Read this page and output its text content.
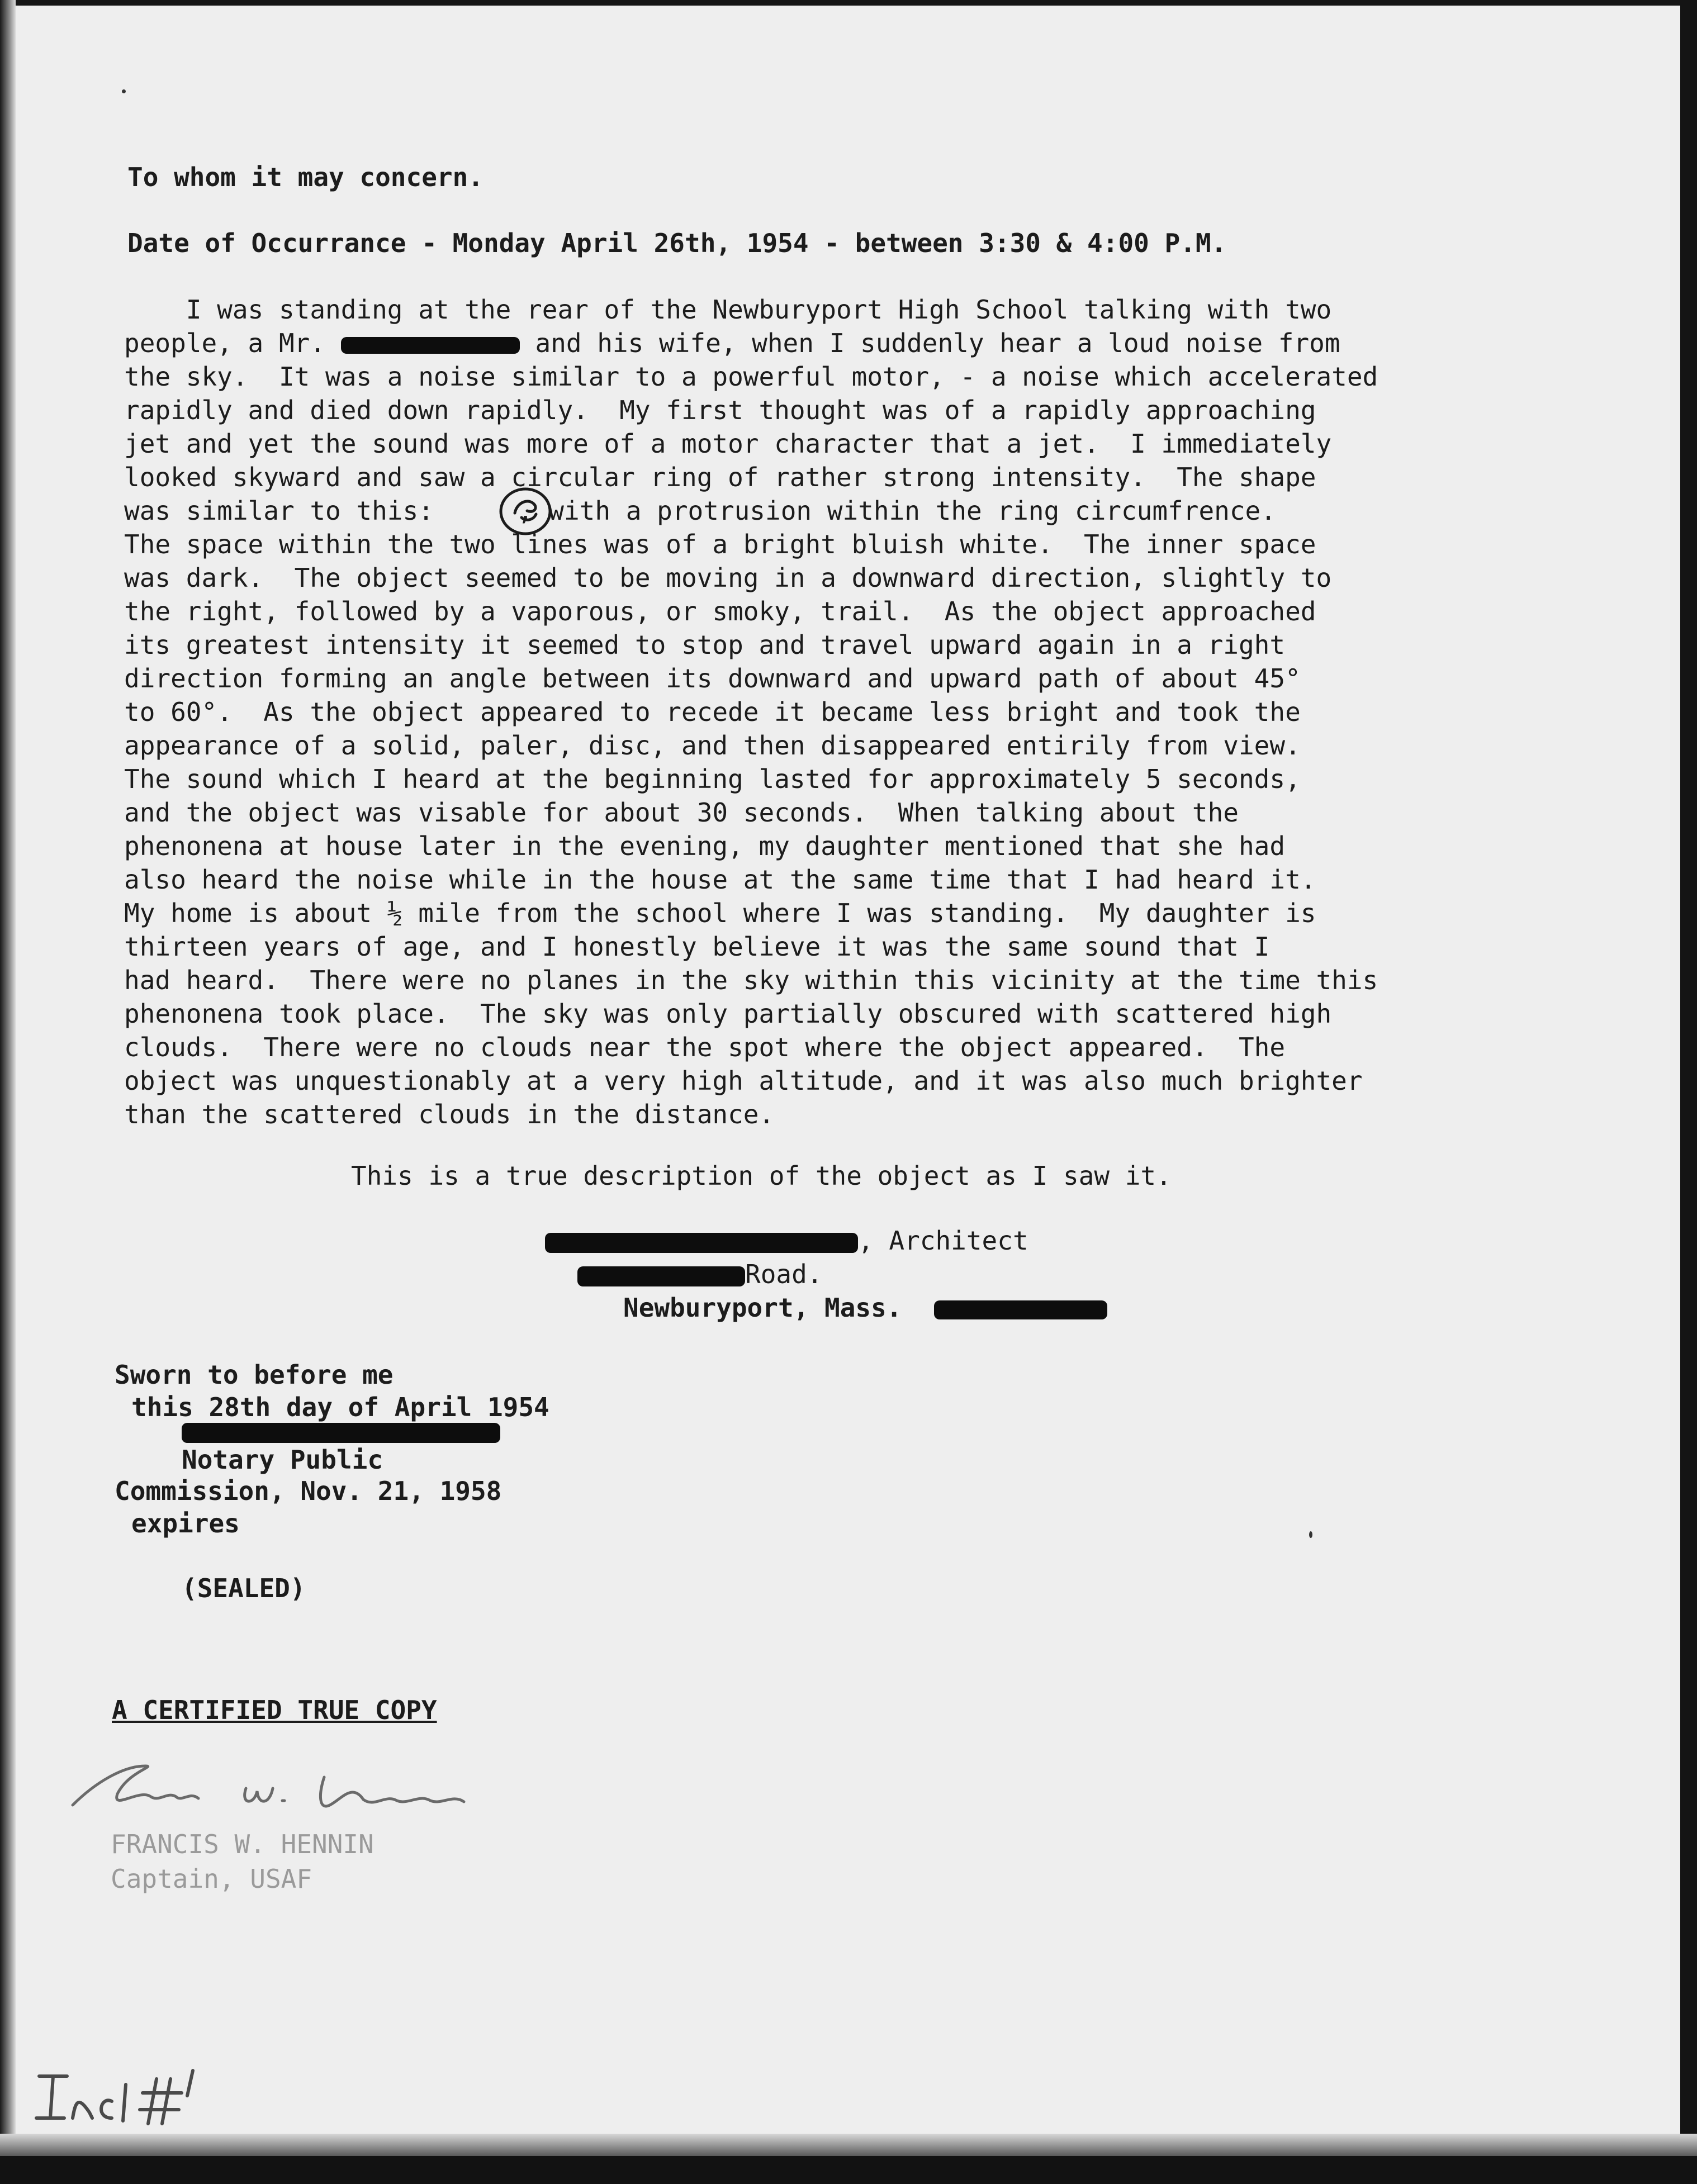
To whom it may concern.

Date of Occurrance - Monday April 26th, 1954 - between 3:30 & 4:00 P.M.

I was standing at the rear of the Newburyport High School talking with two
people, a Mr.	and his wife, when I suddenly hear a loud noise from
the sky.  It was a noise similar to a powerful motor, - a noise which accelerated
rapidly and died down rapidly.  My first thought was of a rapidly approaching
jet and yet the sound was more of a motor character that a jet.  I immediately
looked skyward and saw a circular ring of rather strong intensity.  The shape
was similar to this:	, with a protrusion within the ring circumfrence.
The space within the two lines was of a bright bluish white.  The inner space
was dark.  The object seemed to be moving in a downward direction, slightly to
the right, followed by a vaporous, or smoky, trail.  As the object approached
its greatest intensity it seemed to stop and travel upward again in a right
direction forming an angle between its downward and upward path of about 45°
to 60°.  As the object appeared to recede it became less bright and took the
appearance of a solid, paler, disc, and then disappeared entirily from view.
The sound which I heard at the beginning lasted for approximately 5 seconds,
and the object was visable for about 30 seconds.  When talking about the
phenonena at house later in the evening, my daughter mentioned that she had
also heard the noise while in the house at the same time that I had heard it.
My home is about ½ mile from the school where I was standing.  My daughter is
thirteen years of age, and I honestly believe it was the same sound that I
had heard.  There were no planes in the sky within this vicinity at the time this
phenonena took place.  The sky was only partially obscured with scattered high
clouds.  There were no clouds near the spot where the object appeared.  The
object was unquestionably at a very high altitude, and it was also much brighter
than the scattered clouds in the distance.

This is a true description of the object as I saw it.

, Architect
Road.
Newburyport, Mass.
Sworn to before me
this 28th day of April 1954
Notary Public
Commission, Nov. 21, 1958
expires
(SEALED)

A CERTIFIED TRUE COPY

FRANCIS W. HENNIN

Captain, USAF
